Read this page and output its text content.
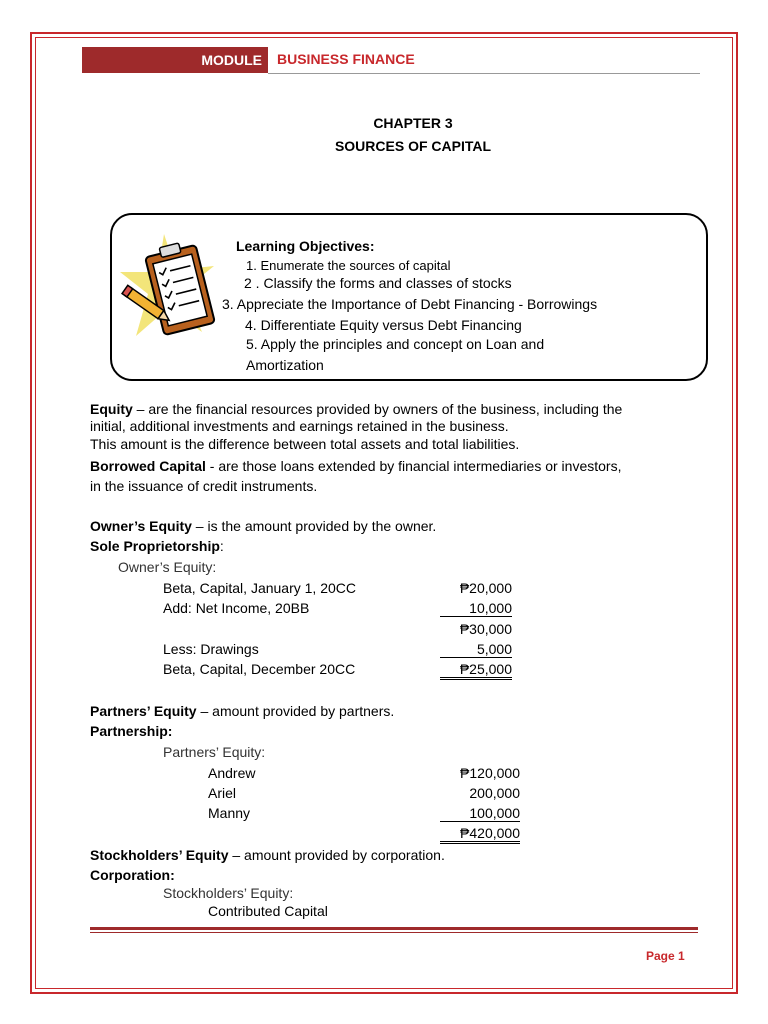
MODULE BUSINESS FINANCE
CHAPTER 3
SOURCES OF CAPITAL
Learning Objectives:
1. Enumerate the sources of capital
2 . Classify the forms and classes of stocks
3. Appreciate the Importance of Debt Financing - Borrowings
4. Differentiate Equity versus Debt Financing
5. Apply the principles and concept on Loan and
Amortization
Equity – are the financial resources provided by owners of the business, including the
initial, additional investments and earnings retained in the business.
This amount is the difference between total assets and total liabilities.
Borrowed Capital - are those loans extended by financial intermediaries or investors,
in the issuance of credit instruments.
Owner’s Equity – is the amount provided by the owner.
Sole Proprietorship:
Owner’s Equity:
Beta, Capital, January 1, 20CC	₱20,000
Add: Net Income, 20BB	10,000
₱30,000
Less: Drawings	5,000
Beta, Capital, December 20CC	₱25,000
Partners’ Equity – amount provided by partners.
Partnership:
Partners’ Equity:
Andrew	₱120,000
Ariel	200,000
Manny	100,000
₱420,000
Stockholders’ Equity – amount provided by corporation.
Corporation:
Stockholders’ Equity:
Contributed Capital
Page 1
